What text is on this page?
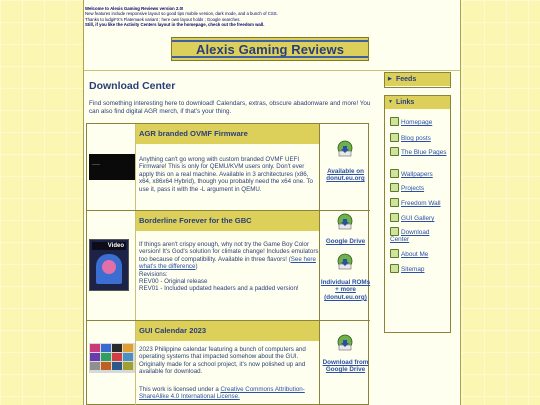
Welcome to Alexis Gaming Reviews version 2.0!
New features include responsive layout so good tips mobile version, dark mode, and a bunch of CSS.
Thanks to ludgiFX's Flatemaek variant ; here own layout holds ; Google searches.
Still, if you like the Activity Centers layout in the homepage, check out the freedom wall.
Alexis Gaming Reviews
Download Center
Find something interesting here to download! Calendars, extras, obscure abadonware and more! You can also find digital AGR merch, if that's your thing.
AGR branded OVMF Firmware
Anything can't go wrong with custom branded OVMF UEFI Firmware! This is only for QEMU/KVM users only. Don't ever apply this on a real machine. Available in 3 architectures (x86, x64, x86x64 Hybrid), though you probably need the x64 one. To use it, pass it with the -L argument in QEMU.
Available on donut.eu.org
Video
Borderline Forever for the GBC
If things aren't crispy enough, why not try the Game Boy Color version! It's God's solution for climate change! Includes emulators too because of compatibility. Available in three flavors! (See here what's the difference)
Revisions:
REV00 - Original release
REV01 - Included updated headers and a padded version!
Google Drive
Individual ROMs + more (donut.eu.org)
GUI Calendar 2023
2023 Philippine calendar featuring a bunch of computers and operating systems that impacted somehow about the GUI. Originally made for a school project, it's now polished up and available for download.
This work is licensed under a Creative Commons Attribution-ShareAlike 4.0 International License.
Download from Google Drive
▶ Feeds
▼ Links
Homepage
Blog posts
The Blue Pages
Wallpapers
Projects
Freedom Wall
GUI Gallery
Download Center
About Me
Sitemap
